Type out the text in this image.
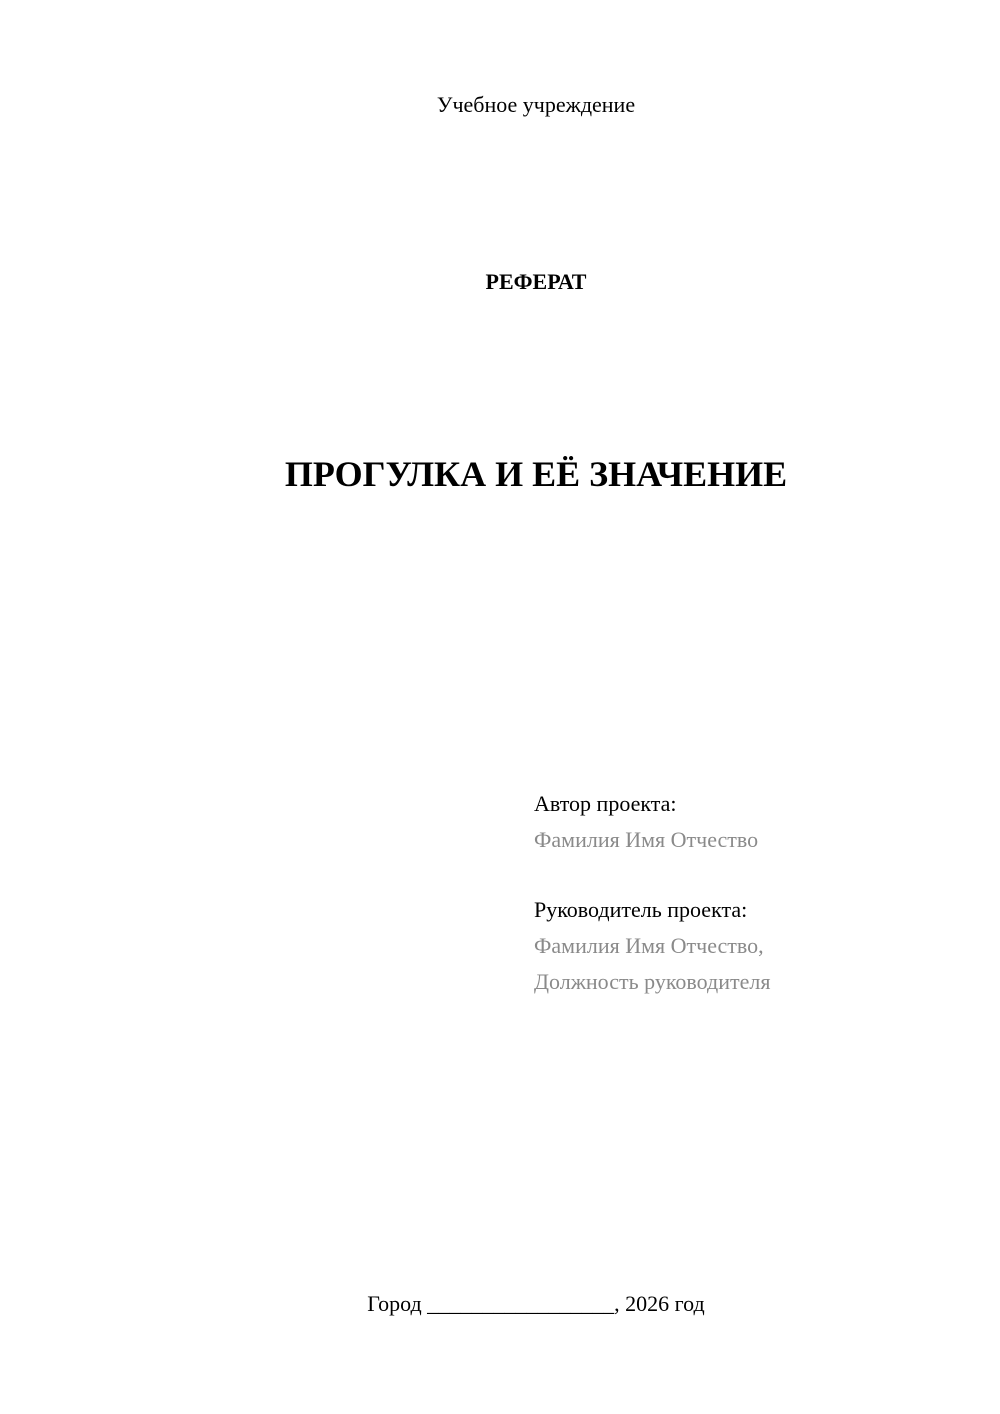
Учебное учреждение
РЕФЕРАТ
ПРОГУЛКА И ЕЁ ЗНАЧЕНИЕ
Автор проекта:
Фамилия Имя Отчество
Руководитель проекта:
Фамилия Имя Отчество,
Должность руководителя
Город _________________, 2026 год
